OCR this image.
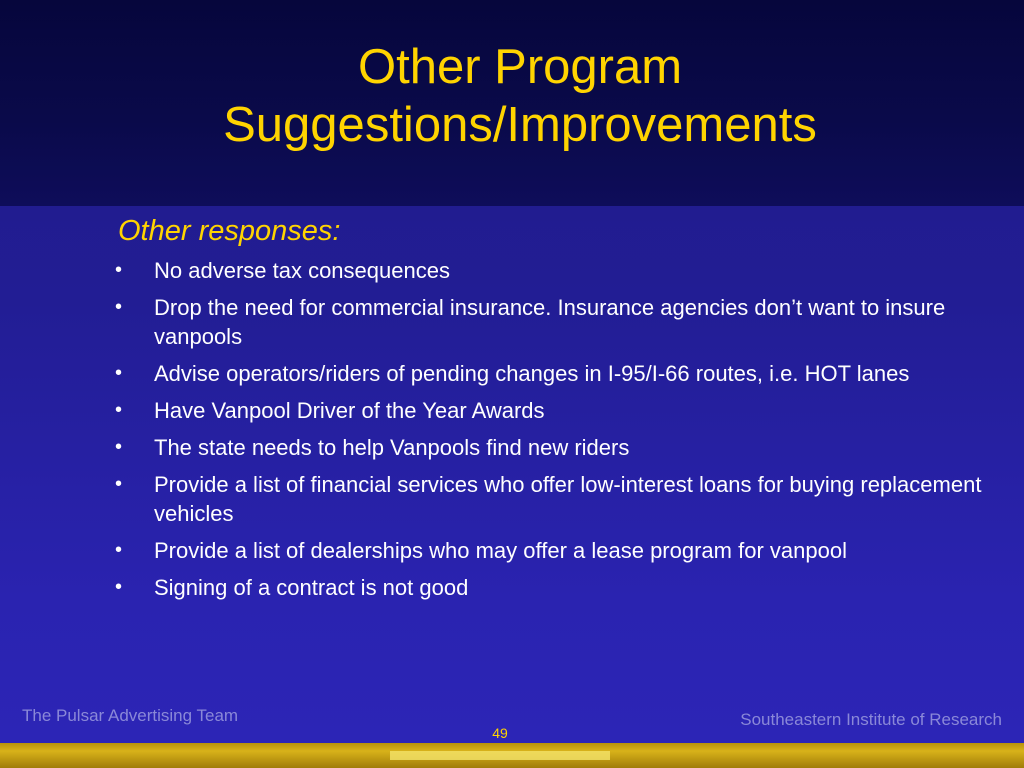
Other Program
Suggestions/Improvements
Other responses:
• No adverse tax consequences
• Drop the need for commercial insurance. Insurance agencies don’t want to insure vanpools
• Advise operators/riders of pending changes in I-95/I-66 routes, i.e. HOT lanes
• Have Vanpool Driver of the Year Awards
• The state needs to help Vanpools find new riders
• Provide a list of financial services who offer low-interest loans for buying replacement vehicles
• Provide a list of dealerships who may offer a lease program for vanpool
• Signing of a contract is not good
The Pulsar Advertising Team	Southeastern Institute of Research
49
